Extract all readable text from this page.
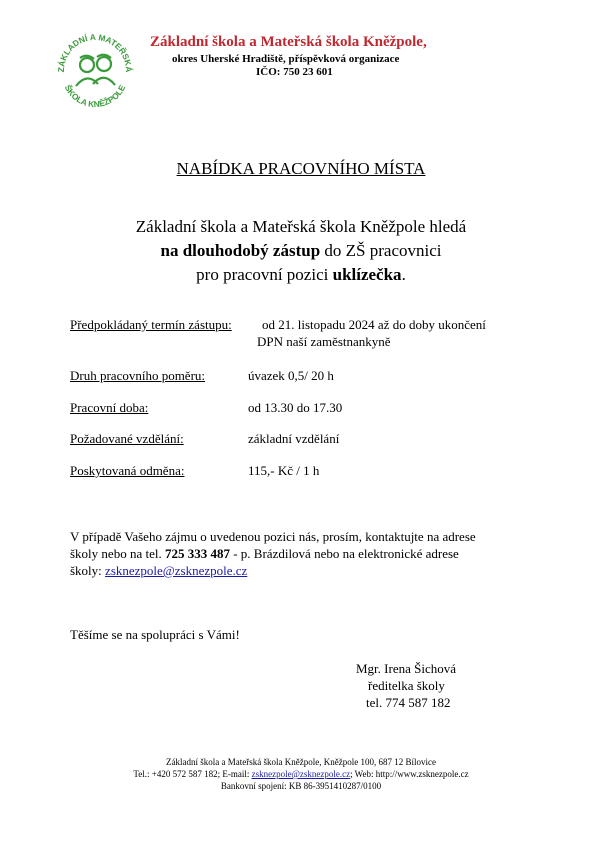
ZÁKLADNÍ A MATEŘSKÁ
ŠKOLA KNĚŽPOLE
Základní škola a Mateřská škola Kněžpole,
okres Uherské Hradiště, příspěvková organizace
IČO: 750 23 601
NABÍDKA PRACOVNÍHO MÍSTA
Základní škola a Mateřská škola Kněžpole hledá
na dlouhodobý zástup do ZŠ pracovnici
pro pracovní pozici uklízečka.
Předpokládaný termín zástupu: od 21. listopadu 2024 až do doby ukončení
DPN naší zaměstnankyně
Druh pracovního poměru:	úvazek 0,5/ 20 h
Pracovní doba:	od 13.30 do 17.30
Požadované vzdělání:	základní vzdělání
Poskytovaná odměna:	115,- Kč / 1 h
V případě Vašeho zájmu o uvedenou pozici nás, prosím, kontaktujte na adrese
školy nebo na tel. 725 333 487 - p. Brázdilová nebo na elektronické adrese
školy: zsknezpole@zsknezpole.cz
Těšíme se na spolupráci s Vámi!
Mgr. Irena Šichová
ředitelka školy
tel. 774 587 182
Základní škola a Mateřská škola Kněžpole, Kněžpole 100, 687 12 Bílovice
Tel.: +420 572 587 182; E-mail: zsknezpole@zsknezpole.cz; Web: http://www.zsknezpole.cz
Bankovní spojení: KB 86-3951410287/0100
